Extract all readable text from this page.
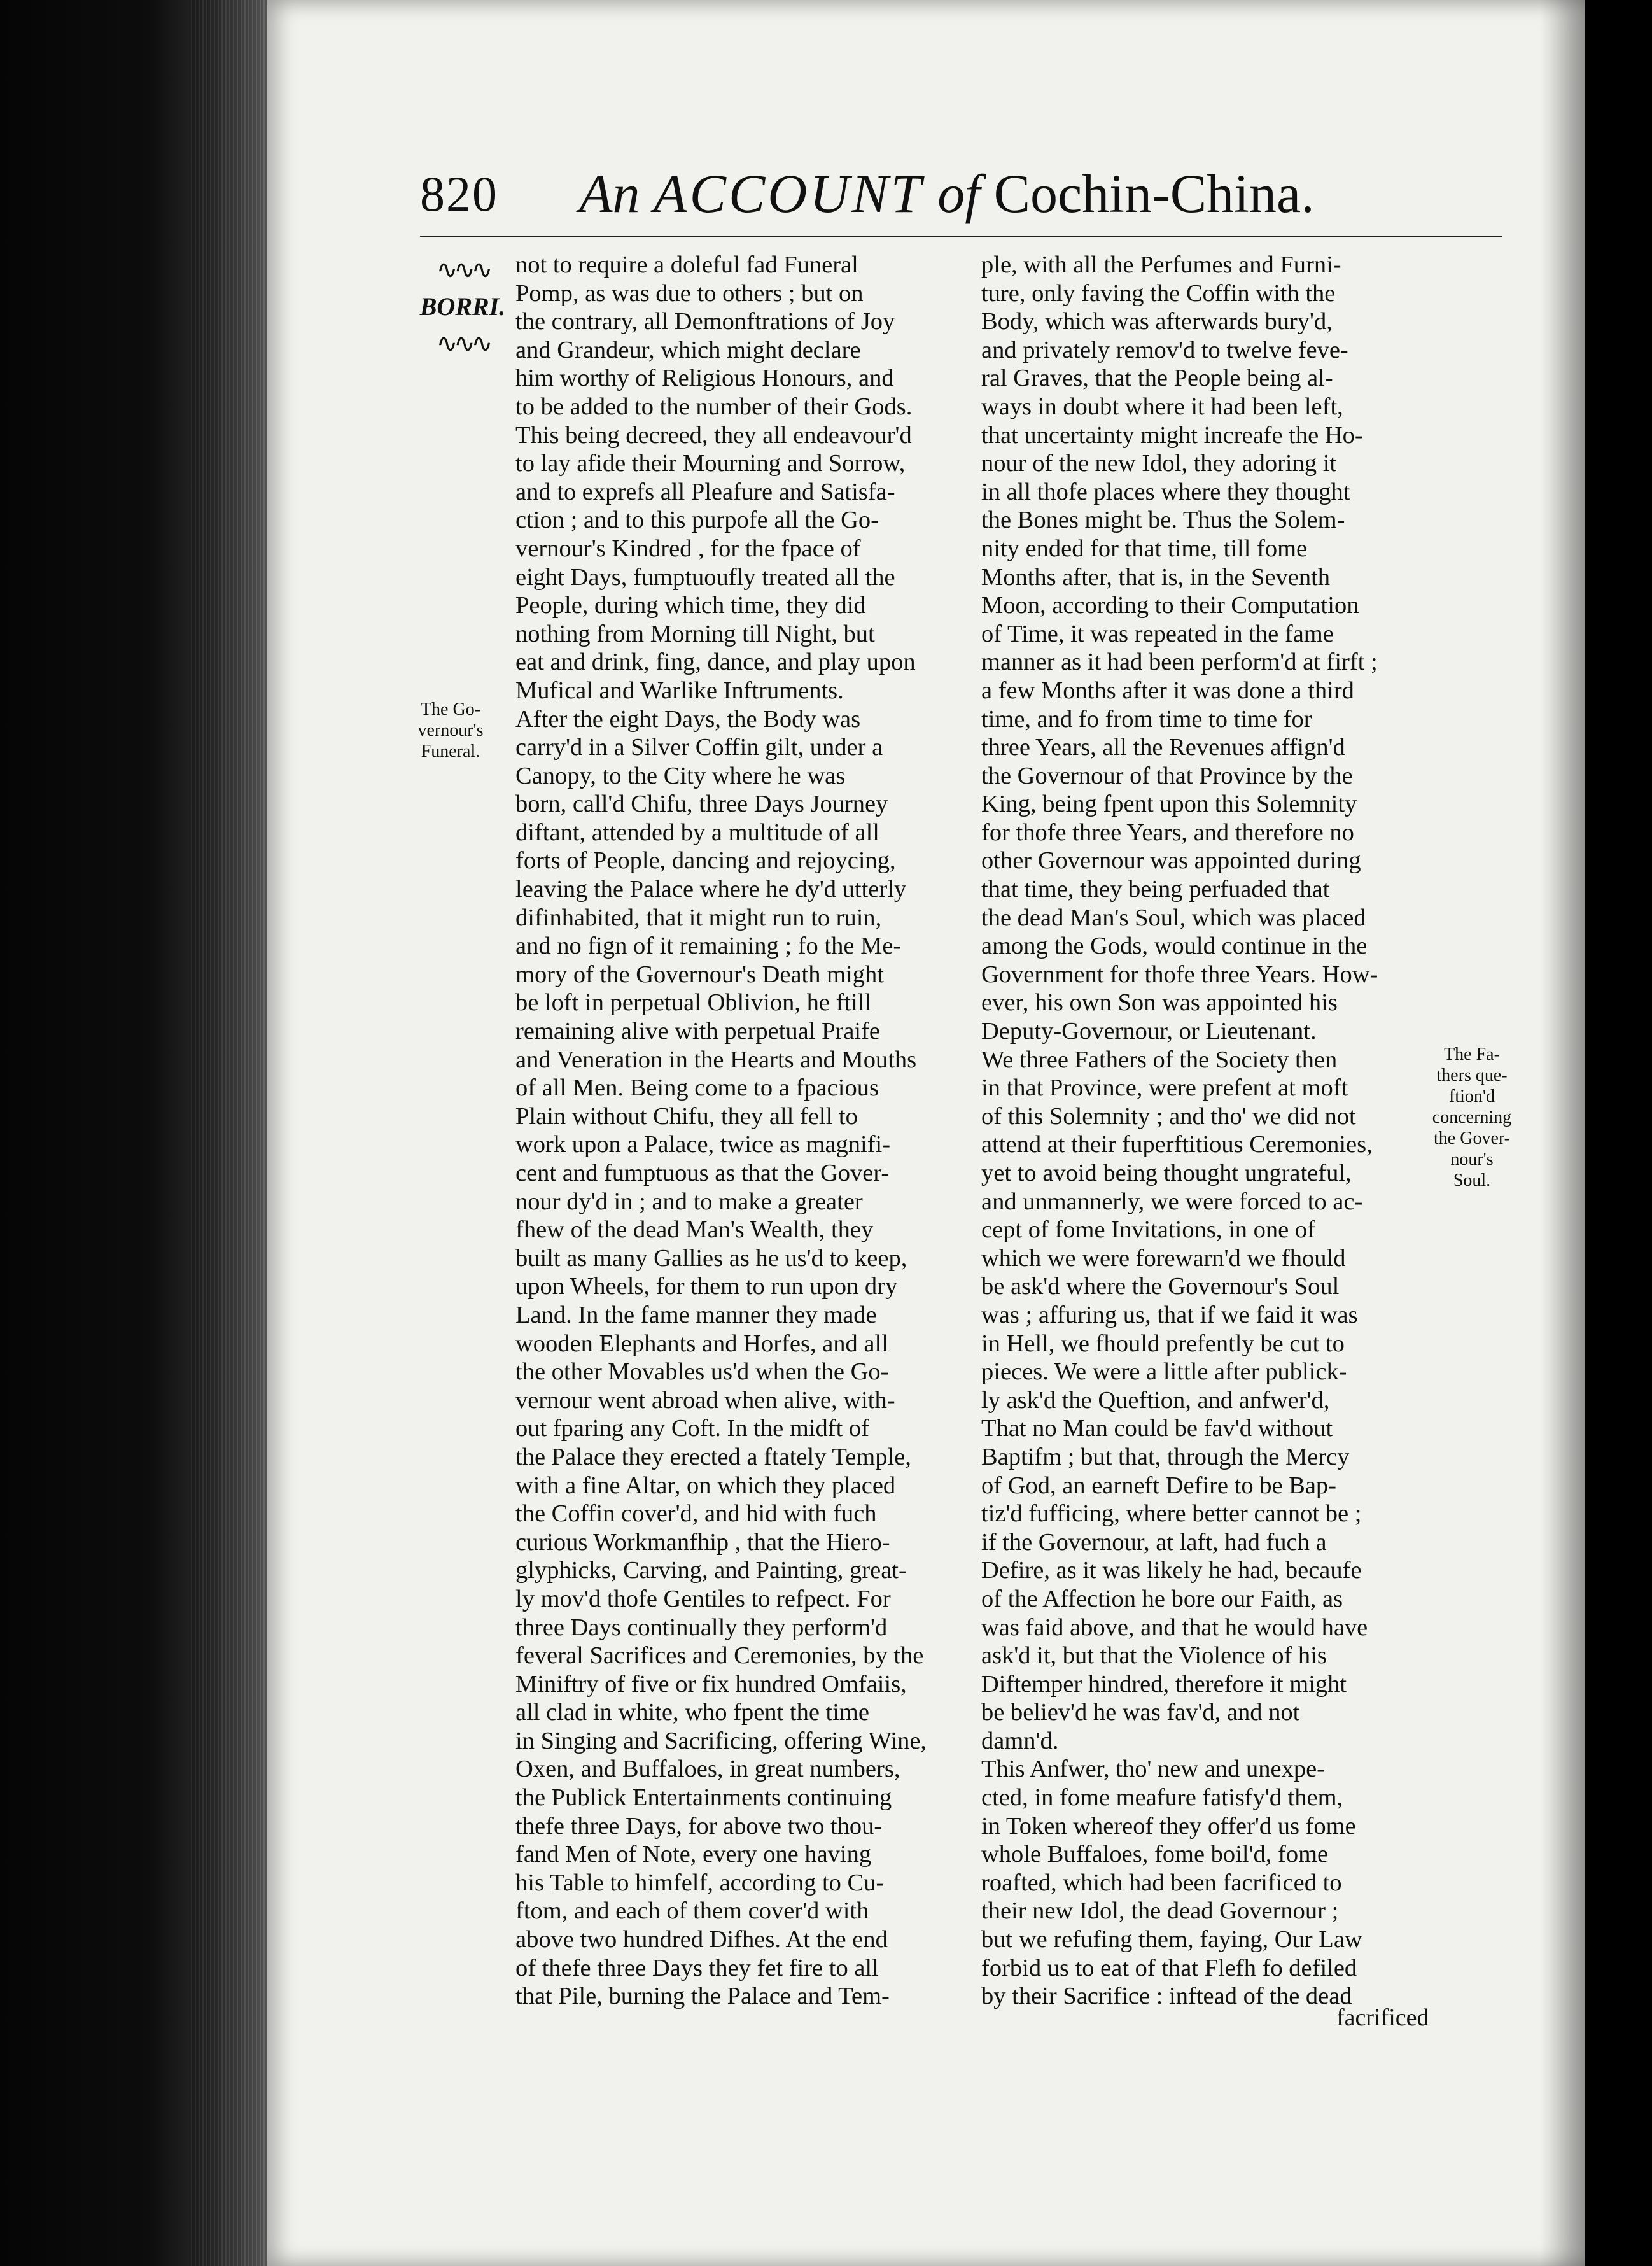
820 An ACCOUNT of Cochin-China.
∿∿∿
BORRI.
∿∿∿
The Go-
vernour's
Funeral.
The Fa-
thers que-
ftion'd
concerning
the Gover-
nour's Soul.
not to require a doleful fad Funeral
Pomp, as was due to others ; but on
the contrary, all Demonftrations of Joy
and Grandeur, which might declare
him worthy of Religious Honours, and
to be added to the number of their Gods.
This being decreed, they all endeavour'd
to lay afide their Mourning and Sorrow,
and to exprefs all Pleafure and Satisfa-
ction ; and to this purpofe all the Go-
vernour's Kindred , for the fpace of
eight Days, fumptuoufly treated all the
People, during which time, they did
nothing from Morning till Night, but
eat and drink, fing, dance, and play upon
Mufical and Warlike Inftruments.
After the eight Days, the Body was
carry'd in a Silver Coffin gilt, under a
Canopy, to the City where he was
born, call'd Chifu, three Days Journey
diftant, attended by a multitude of all
forts of People, dancing and rejoycing,
leaving the Palace where he dy'd utterly
difinhabited, that it might run to ruin,
and no fign of it remaining ; fo the Me-
mory of the Governour's Death might
be loft in perpetual Oblivion, he ftill
remaining alive with perpetual Praife
and Veneration in the Hearts and Mouths
of all Men. Being come to a fpacious
Plain without Chifu, they all fell to
work upon a Palace, twice as magnifi-
cent and fumptuous as that the Gover-
nour dy'd in ; and to make a greater
fhew of the dead Man's Wealth, they
built as many Gallies as he us'd to keep,
upon Wheels, for them to run upon dry
Land. In the fame manner they made
wooden Elephants and Horfes, and all
the other Movables us'd when the Go-
vernour went abroad when alive, with-
out fparing any Coft. In the midft of
the Palace they erected a ftately Temple,
with a fine Altar, on which they placed
the Coffin cover'd, and hid with fuch
curious Workmanfhip , that the Hiero-
glyphicks, Carving, and Painting, great-
ly mov'd thofe Gentiles to refpect. For
three Days continually they perform'd
feveral Sacrifices and Ceremonies, by the
Miniftry of five or fix hundred Omfaiis,
all clad in white, who fpent the time
in Singing and Sacrificing, offering Wine,
Oxen, and Buffaloes, in great numbers,
the Publick Entertainments continuing
thefe three Days, for above two thou-
fand Men of Note, every one having
his Table to himfelf, according to Cu-
ftom, and each of them cover'd with
above two hundred Difhes. At the end
of thefe three Days they fet fire to all
that Pile, burning the Palace and Tem-
ple, with all the Perfumes and Furni-
ture, only faving the Coffin with the
Body, which was afterwards bury'd,
and privately remov'd to twelve feve-
ral Graves, that the People being al-
ways in doubt where it had been left,
that uncertainty might increafe the Ho-
nour of the new Idol, they adoring it
in all thofe places where they thought
the Bones might be. Thus the Solem-
nity ended for that time, till fome
Months after, that is, in the Seventh
Moon, according to their Computation
of Time, it was repeated in the fame
manner as it had been perform'd at firft ;
a few Months after it was done a third
time, and fo from time to time for
three Years, all the Revenues affign'd
the Governour of that Province by the
King, being fpent upon this Solemnity
for thofe three Years, and therefore no
other Governour was appointed during
that time, they being perfuaded that
the dead Man's Soul, which was placed
among the Gods, would continue in the
Government for thofe three Years. How-
ever, his own Son was appointed his
Deputy-Governour, or Lieutenant.
We three Fathers of the Society then
in that Province, were prefent at moft
of this Solemnity ; and tho' we did not
attend at their fuperftitious Ceremonies,
yet to avoid being thought ungrateful,
and unmannerly, we were forced to ac-
cept of fome Invitations, in one of
which we were forewarn'd we fhould
be ask'd where the Governour's Soul
was ; affuring us, that if we faid it was
in Hell, we fhould prefently be cut to
pieces. We were a little after publick-
ly ask'd the Queftion, and anfwer'd,
That no Man could be fav'd without
Baptifm ; but that, through the Mercy
of God, an earneft Defire to be Bap-
tiz'd fufficing, where better cannot be ;
if the Governour, at laft, had fuch a
Defire, as it was likely he had, becaufe
of the Affection he bore our Faith, as
was faid above, and that he would have
ask'd it, but that the Violence of his
Diftemper hindred, therefore it might
be believ'd he was fav'd, and not
damn'd.
This Anfwer, tho' new and unexpe-
cted, in fome meafure fatisfy'd them,
in Token whereof they offer'd us fome
whole Buffaloes, fome boil'd, fome
roafted, which had been facrificed to
their new Idol, the dead Governour ;
but we refufing them, faying, Our Law
forbid us to eat of that Flefh fo defiled
by their Sacrifice : inftead of the dead
facrificed
